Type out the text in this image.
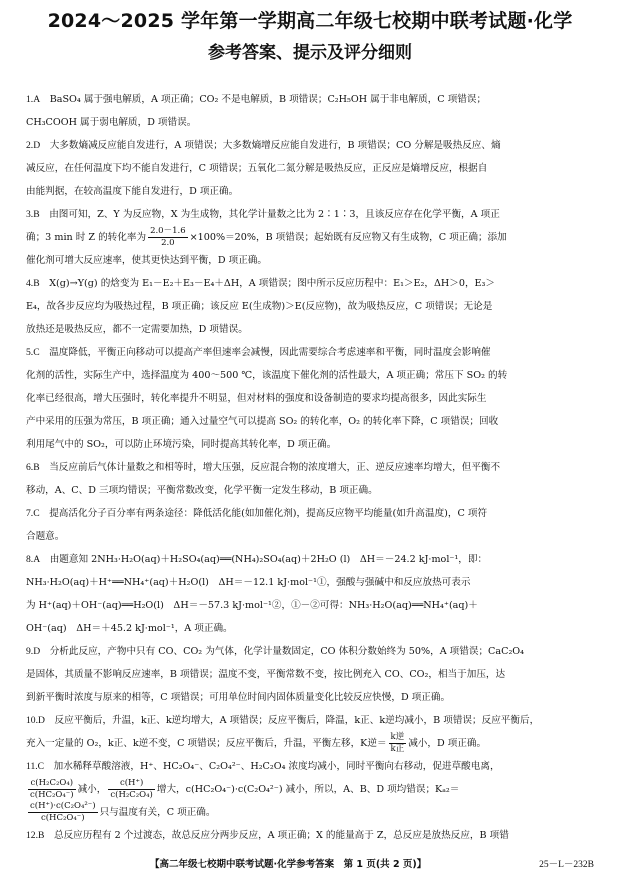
2024～2025 学年第一学期高二年级七校期中联考试题·化学
参考答案、提示及评分细则
1.A　 BaSO₄ 属于强电解质，A 项正确；CO₂ 不是电解质，B 项错误；C₂H₅OH 属于非电解质，C 项错误；
CH₃COOH 属于弱电解质，D 项错误。
2.D　 大多数熵减反应能自发进行，A 项错误；大多数熵增反应能自发进行，B 项错误；CO 分解是吸热反应、熵
减反应，在任何温度下均不能自发进行，C 项错误；五氧化二氮分解是吸热反应，正反应是熵增反应，根据自
由能判据，在较高温度下能自发进行，D 项正确。
3.B　 由图可知，Z、Y 为反应物，X 为生成物，其化学计量数之比为 2∶1∶3，且该反应存在化学平衡，A 项正
确；3 min 时 Z 的转化率为 $\frac{2.0-1.6}{2.0} \times 100\%=20\%$，B 项错误；起始既有反应物又有生成物，C 项正确；添加
催化剂可增大反应速率，使其更快达到平衡，D 项正确。
4.B　 X(g)→Y(g) 的焓变为 E₁－E₂＋E₃－E₄＋ΔH，A 项错误；图中所示反应历程中：E₁＞E₂，ΔH＞0，E₃＞
E₄，故各步反应均为吸热过程，B 项正确；该反应 E(生成物)＞E(反应物)，故为吸热反应，C 项错误；无论是
放热还是吸热反应，都不一定需要加热，D 项错误。
5.C　 温度降低，平衡正向移动可以提高产率但速率会减慢，因此需要综合考虑速率和平衡，同时温度会影响催
化剂的活性，实际生产中，选择温度为 400～500 ℃，该温度下催化剂的活性最大，A 项正确；常压下 SO₂ 的转
化率已经很高，增大压强时，转化率提升不明显，但对材料的强度和设备制造的要求均提高很多，因此实际生
产中采用的压强为常压，B 项正确；通入过量空气可以提高 SO₂ 的转化率，O₂ 的转化率下降，C 项错误；回收
利用尾气中的 SO₂，可以防止环境污染，同时提高其转化率，D 项正确。
6.B　 当反应前后气体计量数之和相等时，增大压强，反应混合物的浓度增大，正、逆反应速率均增大，但平衡不
移动，A、C、D 三项均错误；平衡常数改变，化学平衡一定发生移动，B 项正确。
7.C　 提高活化分子百分率有两条途径：降低活化能(如加催化剂)，提高反应物平均能量(如升高温度)，C 项符
合题意。
8.A　 由题意知 2NH₃·H₂O(aq)＋H₂SO₄(aq)══(NH₄)₂SO₄(aq)＋2H₂O (l)　ΔH＝－24.2 kJ·mol⁻¹，即：
NH₃·H₂O(aq)＋H⁺══NH₄⁺(aq)＋H₂O(l)　ΔH＝－12.1 kJ·mol⁻¹①，强酸与强碱中和反应放热可表示
为 H⁺(aq)＋OH⁻(aq)══H₂O(l)　ΔH＝－57.3 kJ·mol⁻¹②，①－②可得：NH₃·H₂O(aq)══NH₄⁺(aq)＋
OH⁻(aq)　ΔH＝＋45.2 kJ·mol⁻¹，A 项正确。
9.D　 分析此反应，产物中只有 CO、CO₂ 为气体，化学计量数固定，CO 体积分数始终为 50%，A 项错误；CaC₂O₄
是固体，其质量不影响反应速率，B 项错误；温度不变，平衡常数不变，按比例充入 CO、CO₂，相当于加压，达
到新平衡时浓度与原来的相等，C 项错误；可用单位时间内固体质量变化比较反应快慢，D 项正确。
10.D　 反应平衡后，升温，k正、k逆均增大，A 项错误；反应平衡后，降温，k正、k逆均减小，B 项错误；反应平衡后，
充入一定量的 O₂，k正、k逆不变，C 项错误；反应平衡后，升温，平衡左移，K逆＝ $\frac{\text{k逆}}{\text{k正}}$ 减小，D 项正确。
11.C　 加水稀释草酸溶液，H⁺、HC₂O₄⁻、C₂O₄²⁻、H₂C₂O₄ 浓度均减小，同时平衡向右移动，促进草酸电离，

$\frac{\text{c(H₂C₂O₄)}}{\text{c(HC₂O₄⁻)}}$ 减小， $\frac{c(H^+)}{\text{c(H₂C₂O₄)}}$ 增大，c(HC₂O₄⁻)·c(C₂O₄²⁻) 减小，所以，A、B、D 项均错误；Kₐ₂＝

$\frac{\text{c(H⁺)·c(C₂O₄²⁻)}}{\text{c(HC₂O₄⁻)}}$ 只与温度有关，C 项正确。
12.B　 总反应历程有 2 个过渡态，故总反应分两步反应，A 项正确；X 的能量高于 Z，总反应是放热反应，B 项错
【高二年级七校期中联考试题·化学参考答案　第 1 页(共 2 页)】	25－L－232B
